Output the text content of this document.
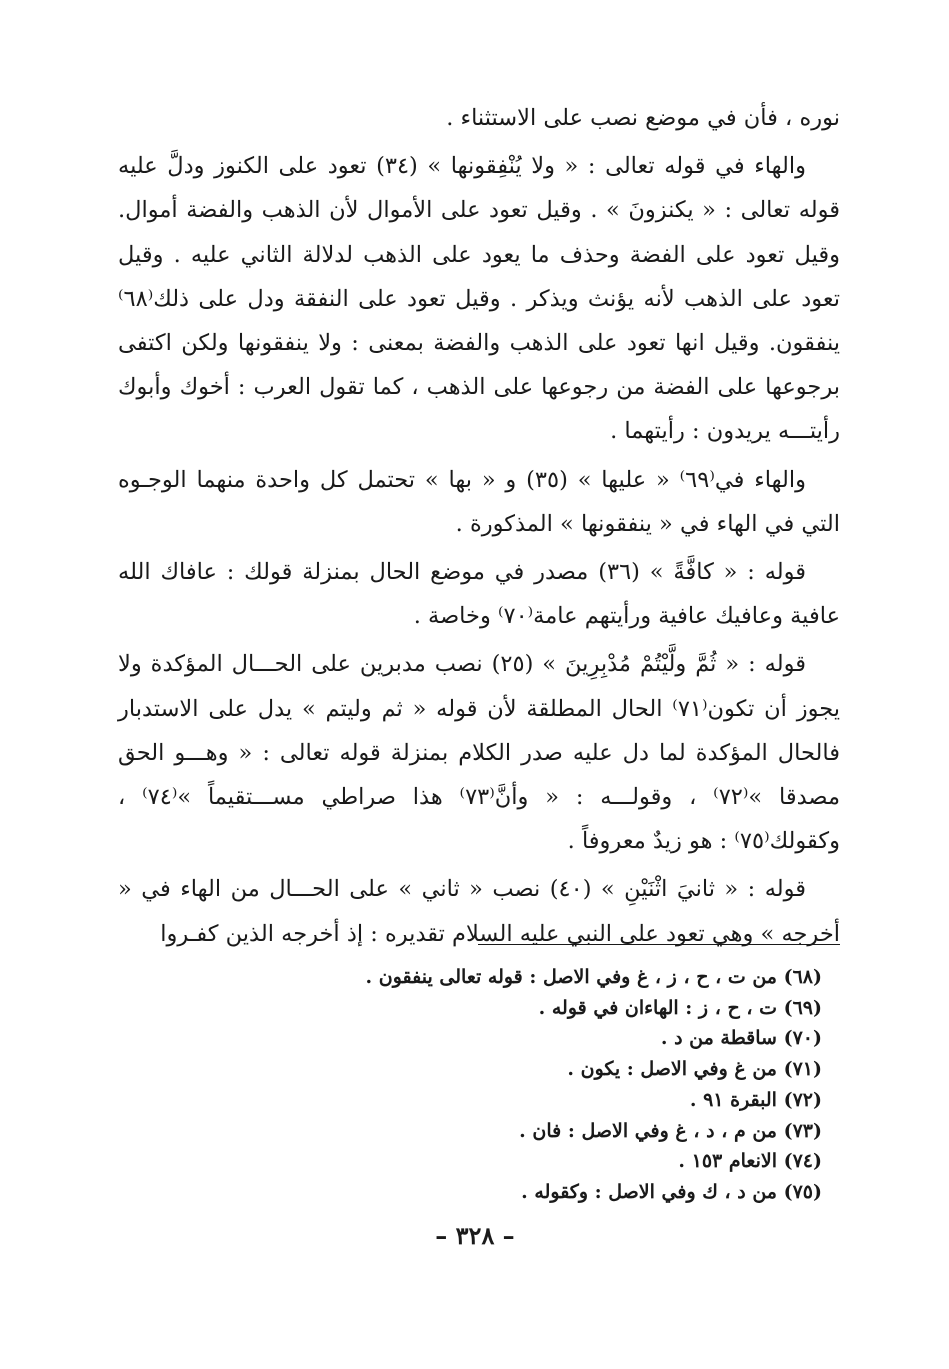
نوره ، فأن في موضع نصب على الاستثناء .

والهاء في قوله تعالى : « ولا يُنْفِقونها » (٣٤) تعود على الكنوز ودلَّ عليه قوله تعالى : « يكنزونَ » . وقيل تعود على الأموال لأن الذهب والفضة أموال. وقيل تعود على الفضة وحذف ما يعود على الذهب لدلالة الثاني عليه . وقيل تعود على الذهب لأنه يؤنث ويذكر . وقيل تعود على النفقة ودل على ذلك⁽٦٨⁾ ينفقون. وقيل انها تعود على الذهب والفضة بمعنى : ولا ينفقونها ولكن اكتفى برجوعها على الفضة من رجوعها على الذهب ، كما تقول العرب : أخوك وأبوك رأيتـــه يريدون : رأيتهما .

والهاء في⁽٦٩⁾ « عليها » (٣٥) و « بها » تحتمل كل واحدة منهما الوجـوه التي في الهاء في « ينفقونها » المذكورة .

قوله : « كافَّةً » (٣٦) مصدر في موضع الحال بمنزلة قولك : عافاك الله عافية وعافيك عافية ورأيتهم عامة⁽٧٠⁾ وخاصة .

قوله : « ثُمَّ ولَّيْتُمْ مُدْبِرِينَ » (٢٥) نصب مدبرين على الحـــال المؤكدة ولا يجوز أن تكون⁽٧١⁾ الحال المطلقة لأن قوله « ثم وليتم » يدل على الاستدبار فالحال المؤكدة لما دل عليه صدر الكلام بمنزلة قوله تعالى : « وهـــو الحق مصدقا »⁽٧٢⁾ ، وقولـــه : « وأنَّ⁽٧٣⁾ هذا صراطي مســـتقيماً »⁽٧٤⁾ ، وكقولك⁽٧٥⁾ : هو زيدٌ معروفاً .

قوله : « ثانيَ اثْنَيْنِ » (٤٠) نصب « ثاني » على الحـــال من الهاء في « أخرجه » وهي تعود على النبي عليه السلام تقديره : إذ أخرجه الذين كفـروا

(٦٨) من ت ، ح ، ز ، غ وفي الاصل : قوله تعالى ينفقون .
(٦٩) ت ، ح ، ز : الهاءان في قوله .
(٧٠) ساقطة من د .
(٧١) من غ وفي الاصل : يكون .
(٧٢) البقرة ٩١ .
(٧٣) من م ، د ، غ وفي الاصل : فان .
(٧٤) الانعام ١٥٣ .
(٧٥) من د ، ك وفي الاصل : وكقوله .
– ٣٢٨ –
